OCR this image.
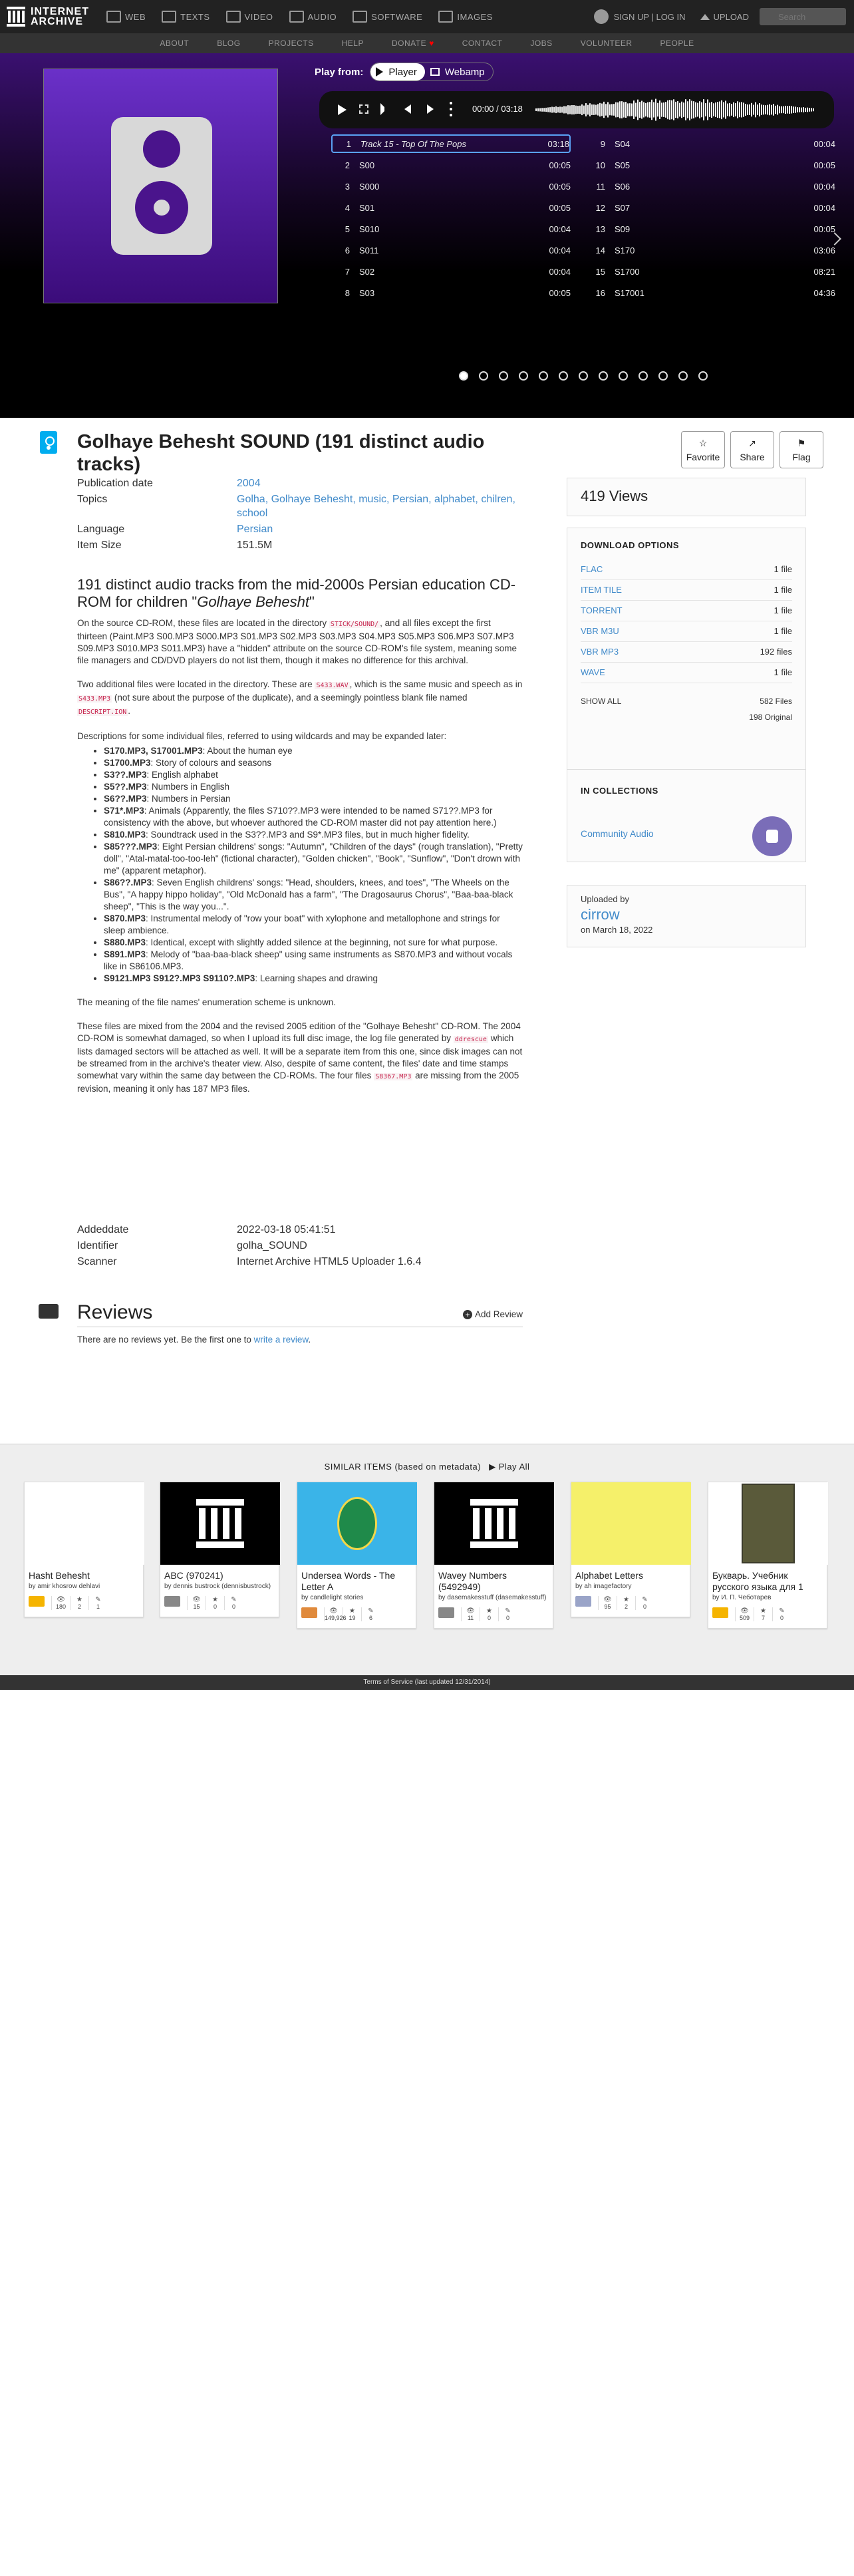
INTERNET
ARCHIVE	WEB	TEXTS	VIDEO	AUDIO	SOFTWARE	IMAGES	SIGN UP | LOG IN	UPLOAD
Search
ABOUT	BLOG	PROJECTS	HELP	DONATE ♥	CONTACT	JOBS	VOLUNTEER	PEOPLE
Play from:	Player	Webamp
00:00 / 03:18
1 Track 15 - Top Of The Pops	03:18
2 S00	00:05
3 S000	00:05
4 S01	00:05
5 S010	00:04
6 S011	00:04
7 S02	00:04
8 S03	00:05
9 S04	00:04
10 S05	00:05
11 S06	00:04
12 S07	00:04
13 S09	00:05
14 S170	03:06
15 S1700	08:21
16 S17001	04:36
Golhaye Behesht SOUND (191 distinct audio tracks)
☆
Favorite
↗
Share
⚑
Flag
Publication date	2004
Topics	Golha, Golhaye Behesht, music, Persian, alphabet, chilren, school
Language	Persian
Item Size	151.5M
191 distinct audio tracks from the mid-2000s Persian education CD-ROM for children "Golhaye Behesht"

On the source CD-ROM, these files are located in the directory STICK/SOUND/ , and all files except the first thirteen (Paint.MP3 S00.MP3 S000.MP3 S01.MP3 S02.MP3 S03.MP3 S04.MP3 S05.MP3 S06.MP3 S07.MP3 S09.MP3 S010.MP3 S011.MP3) have a "hidden" attribute on the source CD-ROM's file system, meaning some file managers and CD/DVD players do not list them, though it makes no difference for this archival.

Two additional files were located in the directory. These are S433.WAV , which is the same music and speech as in S433.MP3 (not sure about the purpose of the duplicate), and a seemingly pointless blank file named DESCRIPT.ION .

Descriptions for some individual files, referred to using wildcards and may be expanded later:

• S170.MP3, S17001.MP3: About the human eye
• S1700.MP3: Story of colours and seasons
• S3??.MP3: English alphabet
• S5??.MP3: Numbers in English
• S6??.MP3: Numbers in Persian
• S71*.MP3: Animals (Apparently, the files S710??.MP3 were intended to be named S71??.MP3 for consistency with the above, but whoever authored the CD-ROM master did not pay attention here.)
• S810.MP3: Soundtrack used in the S3??.MP3 and S9*.MP3 files, but in much higher fidelity.
• S85???.MP3: Eight Persian childrens' songs: "Autumn", "Children of the days" (rough translation), "Pretty doll", "Atal-matal-too-too-leh" (fictional character), "Golden chicken", "Book", "Sunflow", "Don't drown with me" (apparent metaphor).
• S86??.MP3: Seven English childrens' songs: "Head, shoulders, knees, and toes", "The Wheels on the Bus", "A happy hippo holiday", "Old McDonald has a farm", "The Dragosaurus Chorus", "Baa-baa-black sheep", "This is the way you...".
• S870.MP3: Instrumental melody of "row your boat" with xylophone and metallophone and strings for sleep ambience.
• S880.MP3: Identical, except with slightly added silence at the beginning, not sure for what purpose.
• S891.MP3: Melody of "baa-baa-black sheep" using same instruments as S870.MP3 and without vocals like in S86106.MP3.
• S9121.MP3 S912?.MP3 S9110?.MP3: Learning shapes and drawing

The meaning of the file names' enumeration scheme is unknown.

These files are mixed from the 2004 and the revised 2005 edition of the "Golhaye Behesht" CD-ROM. The 2004 CD-ROM is somewhat damaged, so when I upload its full disc image, the log file generated by ddrescue which lists damaged sectors will be attached as well. It will be a separate item from this one, since disk images can not be streamed from in the archive's theater view. Also, despite of same content, the files' date and time stamps somewhat vary within the same day between the CD-ROMs. The four files S8367.MP3 are missing from the 2005 revision, meaning it only has 187 MP3 files.

Addeddate	2022-03-18 05:41:51
Identifier	golha_SOUND
Scanner	Internet Archive HTML5 Uploader 1.6.4
Reviews	+ Add Review
There are no reviews yet. Be the first one to write a review.
419 Views
DOWNLOAD OPTIONS
FLAC	1 file
ITEM TILE	1 file
TORRENT	1 file
VBR M3U	1 file
VBR MP3	192 files
WAVE	1 file
SHOW ALL	582 Files
198 Original
IN COLLECTIONS
Community Audio
Uploaded by
cirrow
on March 18, 2022
SIMILAR ITEMS (based on metadata) ▶ Play All
Hasht Behesht
by amir khosrow dehlavi
👁
180
★
2
✎
1
ABC (970241)
by dennis bustrock (dennisbustrock)
👁
15
★
0
✎
0
Undersea Words - The Letter A
by candlelight stories
👁
149,926
★
19
✎
6
Wavey Numbers (5492949)
by dasemakesstuff (dasemakesstuff)
👁
11
★
0
✎
0
Alphabet Letters
by ah imagefactory
👁
95
★
2
✎
0
Букварь. Учебник русского языка для 1
by И. П. Чеботарев
👁
509
★
7
✎
0
Terms of Service (last updated 12/31/2014)
